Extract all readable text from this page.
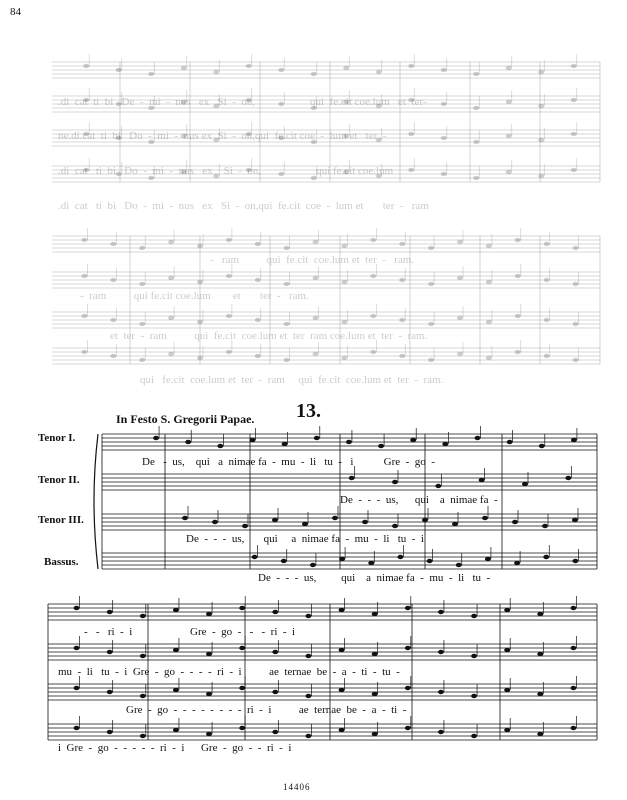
84
.di  cat  ti  bi   De  -  mi  -  nus   ex   Si  -  on,                    qui  fe.cit coe.lum   et  ter-
ne.di.cat  ti  bi   Do  -  mi  -  nus ex  Si  -  on,qui  fe.cit coe  -  lum et   ter  -
.di  cat   ti  bi   Do  -  mi  -  nus   ex    Si  -  on,                    qui fe.cit coe.lum
.di  cat   ti  bi   Do  -  mi  -  nus   ex   Si  -  on,qui  fe.cit  coe  -  lum et       ter  -   ram
-   ram          qui  fe.cit  coe.lum et  ter  -   ram.
-  ram          qui fe.cit coe.lum        et       ter  -   ram.
et  ter  -  ram          qui  fe.cit  coe.lum et  ter  ram coe.lum et  ter  -  ram.
qui   fe.cit  coe.lum et  ter  -  ram     qui  fe.cit  coe.lum et  ter  -  ram.
In Festo S. Gregorii Papae. 13.
Tenor I.
Tenor II.
Tenor III.
Bassus.
De   -  us,    qui   a  nimae fa  -  mu  -  li   tu  -   i           Gre  -  go  -
De  -  -  -  us,      qui    a  nimae fa  -
De  -  -  -  us,       qui     a  nimae fa  -  mu  -  li   tu  -  i
De  -  -  -  us,         qui    a  nimae fa  -  mu  -  li   tu  -
-   -   ri  -  i                     Gre  -  go  -   -   -  ri  -  i
mu  -  li   tu  -  i  Gre  -  go  -  -  -  -  ri  -  i          ae  ternae  be  -  a  -  ti  -  tu  -
Gre  -  go  -  -  -  -  -  -  -  -  ri  -  i          ae  ternae  be  -  a  -  ti  -
i  Gre  -  go  -  -  -  -  -  ri  -  i      Gre  -  go  -  -  ri  -  i
14406
